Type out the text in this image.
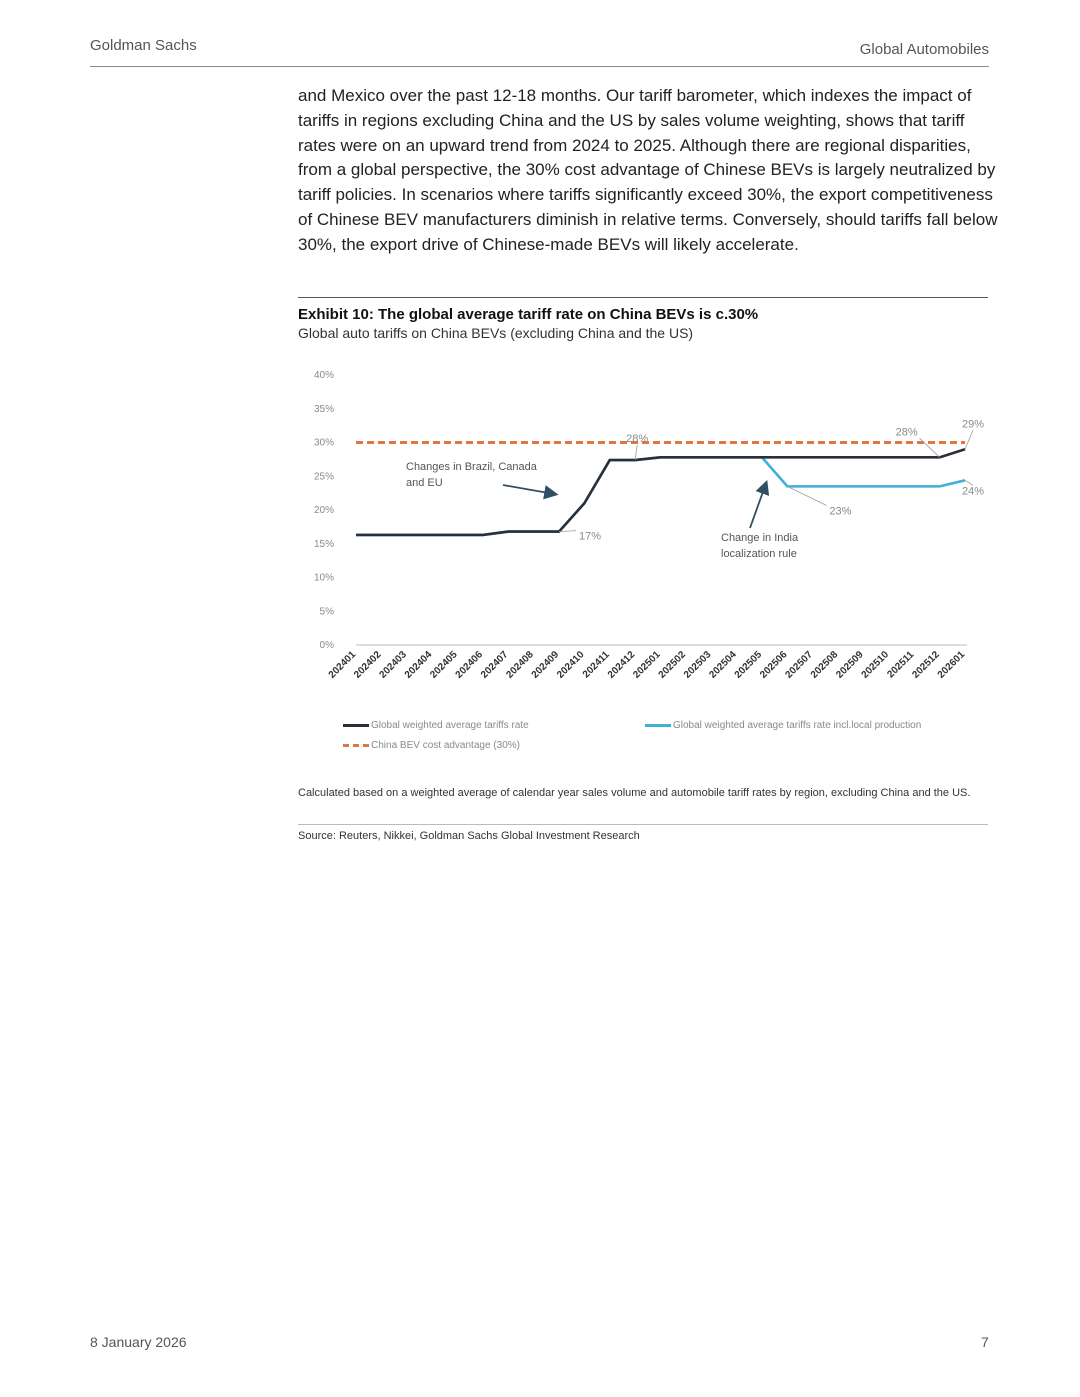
Goldman Sachs	Global Automobiles
and Mexico over the past 12-18 months. Our tariff barometer, which indexes the impact of tariffs in regions excluding China and the US by sales volume weighting, shows that tariff rates were on an upward trend from 2024 to 2025. Although there are regional disparities, from a global perspective, the 30% cost advantage of Chinese BEVs is largely neutralized by tariff policies. In scenarios where tariffs significantly exceed 30%, the export competitiveness of Chinese BEV manufacturers diminish in relative terms. Conversely, should tariffs fall below 30%, the export drive of Chinese-made BEVs will likely accelerate.
Exhibit 10: The global average tariff rate on China BEVs is c.30%
Global auto tariffs on China BEVs (excluding China and the US)
0%
5%
10%
15%
20%
25%
30%
35%
40%
202401
202402
202403
202404
202405
202406
202407
202408
202409
202410
202411
202412
202501
202502
202503
202504
202505
202506
202507
202508
202509
202510
202511
202512
202601
28%
17%
28%
29%
24%
23%
Changes in Brazil, Canada
and EU
Change in India
localization rule
Global weighted average tariffs rate	Global weighted average tariffs rate incl.local production
China BEV cost advantage (30%)
Calculated based on a weighted average of calendar year sales volume and automobile tariff rates by region, excluding China and the US.
Source: Reuters, Nikkei, Goldman Sachs Global Investment Research
8 January 2026	7
